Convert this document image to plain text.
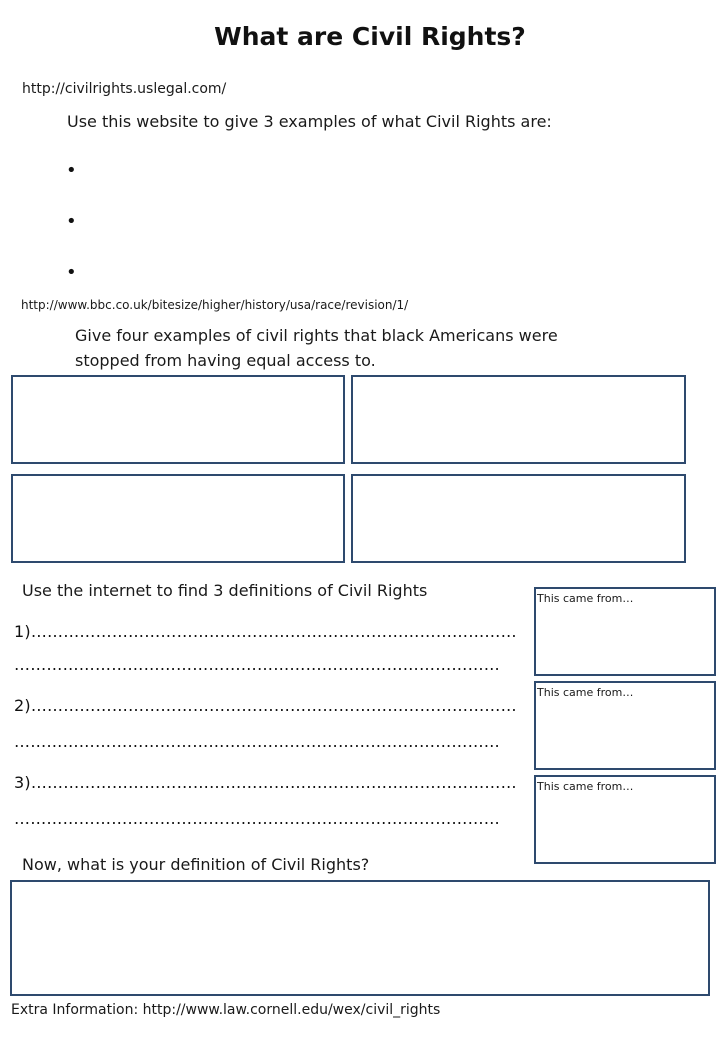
What are Civil Rights?
http://civilrights.uslegal.com/
Use this website to give 3 examples of what Civil Rights are:
•
•
•
http://www.bbc.co.uk/bitesize/higher/history/usa/race/revision/1/
Give four examples of civil rights that black Americans were stopped from having equal access to.
Use the internet to find 3 definitions of Civil Rights
1)………………………………………………………………………………
………………………………………………………………………………
2)………………………………………………………………………………
………………………………………………………………………………
3)………………………………………………………………………………
………………………………………………………………………………
This came from…
This came from…
This came from…
Now, what is your definition of Civil Rights?
Extra Information: http://www.law.cornell.edu/wex/civil_rights
